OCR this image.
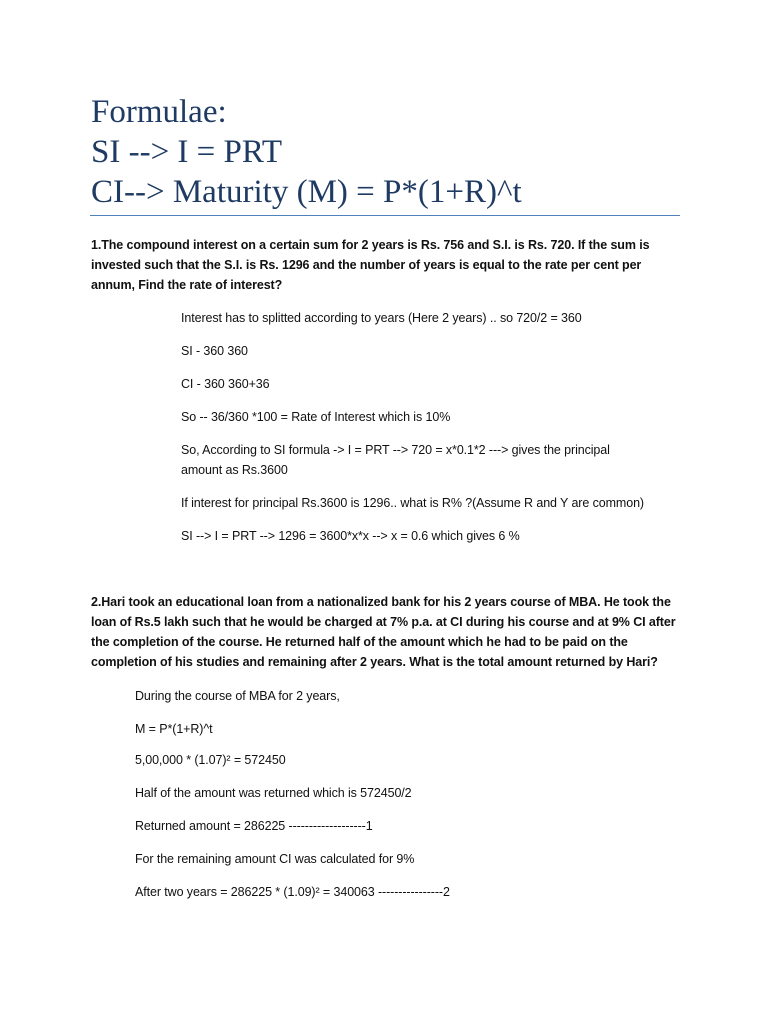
Formulae:
SI --> I = PRT
CI--> Maturity (M) = P*(1+R)^t
1.The compound interest on a certain sum for 2 years is Rs. 756 and S.I. is Rs. 720. If the sum is invested such that the S.I. is Rs. 1296 and the number of years is equal to the rate per cent per annum, Find the rate of interest?
Interest has to splitted according to years (Here 2 years) .. so 720/2 = 360
SI - 360 360
CI - 360 360+36
So -- 36/360 *100 = Rate of Interest which is 10%
So, According to SI formula -> I = PRT --> 720 = x*0.1*2 ---> gives the principal amount as Rs.3600
If interest for principal Rs.3600 is 1296.. what is R% ?(Assume R and Y are common)
SI --> I = PRT --> 1296 = 3600*x*x --> x = 0.6 which gives 6 %
2.Hari took an educational loan from a nationalized bank for his 2 years course of MBA. He took the loan of Rs.5 lakh such that he would be charged at 7% p.a. at CI during his course and at 9% CI after the completion of the course. He returned half of the amount which he had to be paid on the completion of his studies and remaining after 2 years. What is the total amount returned by Hari?
During the course of MBA for 2 years,
M = P*(1+R)^t
5,00,000 * (1.07)² = 572450
Half of the amount was returned which is 572450/2
Returned amount = 286225 -------------------1
For the remaining amount CI was calculated for 9%
After two years = 286225 * (1.09)² = 340063 ----------------2
